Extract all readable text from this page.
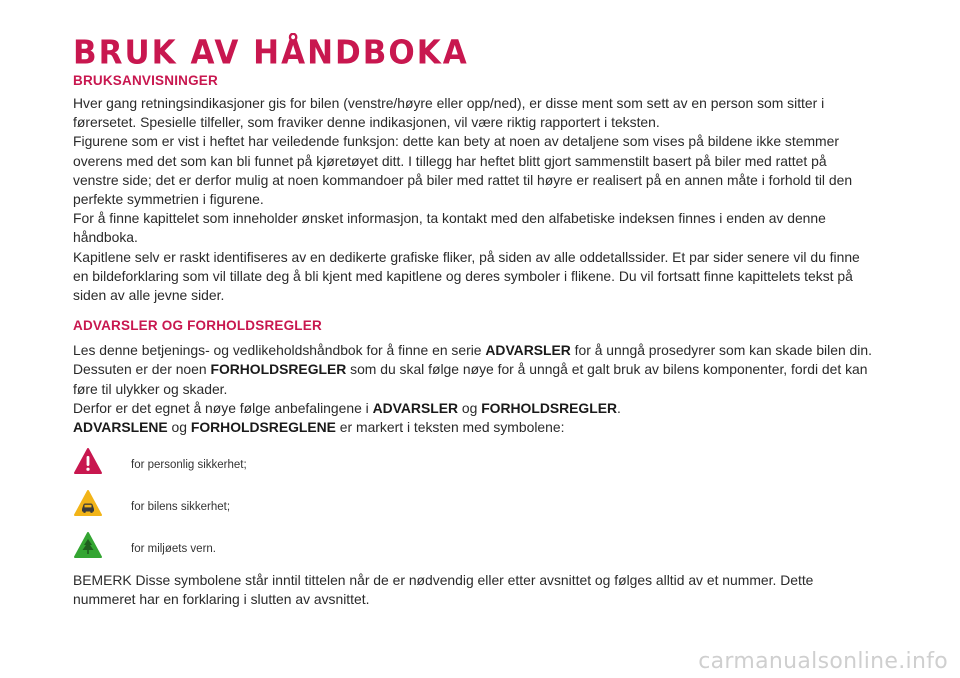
BRUK AV HÅNDBOKA
BRUKSANVISNINGER

Hver gang retningsindikasjoner gis for bilen (venstre/høyre eller opp/ned), er disse ment som sett av en person som sitter i førersetet. Spesielle tilfeller, som fraviker denne indikasjonen, vil være riktig rapportert i teksten.

Figurene som er vist i heftet har veiledende funksjon: dette kan bety at noen av detaljene som vises på bildene ikke stemmer overens med det som kan bli funnet på kjøretøyet ditt. I tillegg har heftet blitt gjort sammenstilt basert på biler med rattet på venstre side; det er derfor mulig at noen kommandoer på biler med rattet til høyre er realisert på en annen måte i forhold til den perfekte symmetrien i figurene.

For å finne kapittelet som inneholder ønsket informasjon, ta kontakt med den alfabetiske indeksen finnes i enden av denne håndboka.

Kapitlene selv er raskt identifiseres av en dedikerte grafiske fliker, på siden av alle oddetallssider. Et par sider senere vil du finne en bildeforklaring som vil tillate deg å bli kjent med kapitlene og deres symboler i flikene. Du vil fortsatt finne kapittelets tekst på siden av alle jevne sider.

ADVARSLER OG FORHOLDSREGLER

Les denne betjenings- og vedlikeholdshåndbok for å finne en serie ADVARSLER for å unngå prosedyrer som kan skade bilen din.

Dessuten er der noen FORHOLDSREGLER som du skal følge nøye for å unngå et galt bruk av bilens komponenter, fordi det kan føre til ulykker og skader.

Derfor er det egnet å nøye følge anbefalingene i ADVARSLER og FORHOLDSREGLER.

ADVARSLENE og FORHOLDSREGLENE er markert i teksten med symbolene:

for personlig sikkerhet;
for bilens sikkerhet;
for miljøets vern.

BEMERK Disse symbolene står inntil tittelen når de er nødvendig eller etter avsnittet og følges alltid av et nummer. Dette nummeret har en forklaring i slutten av avsnittet.

carmanualsonline.info
